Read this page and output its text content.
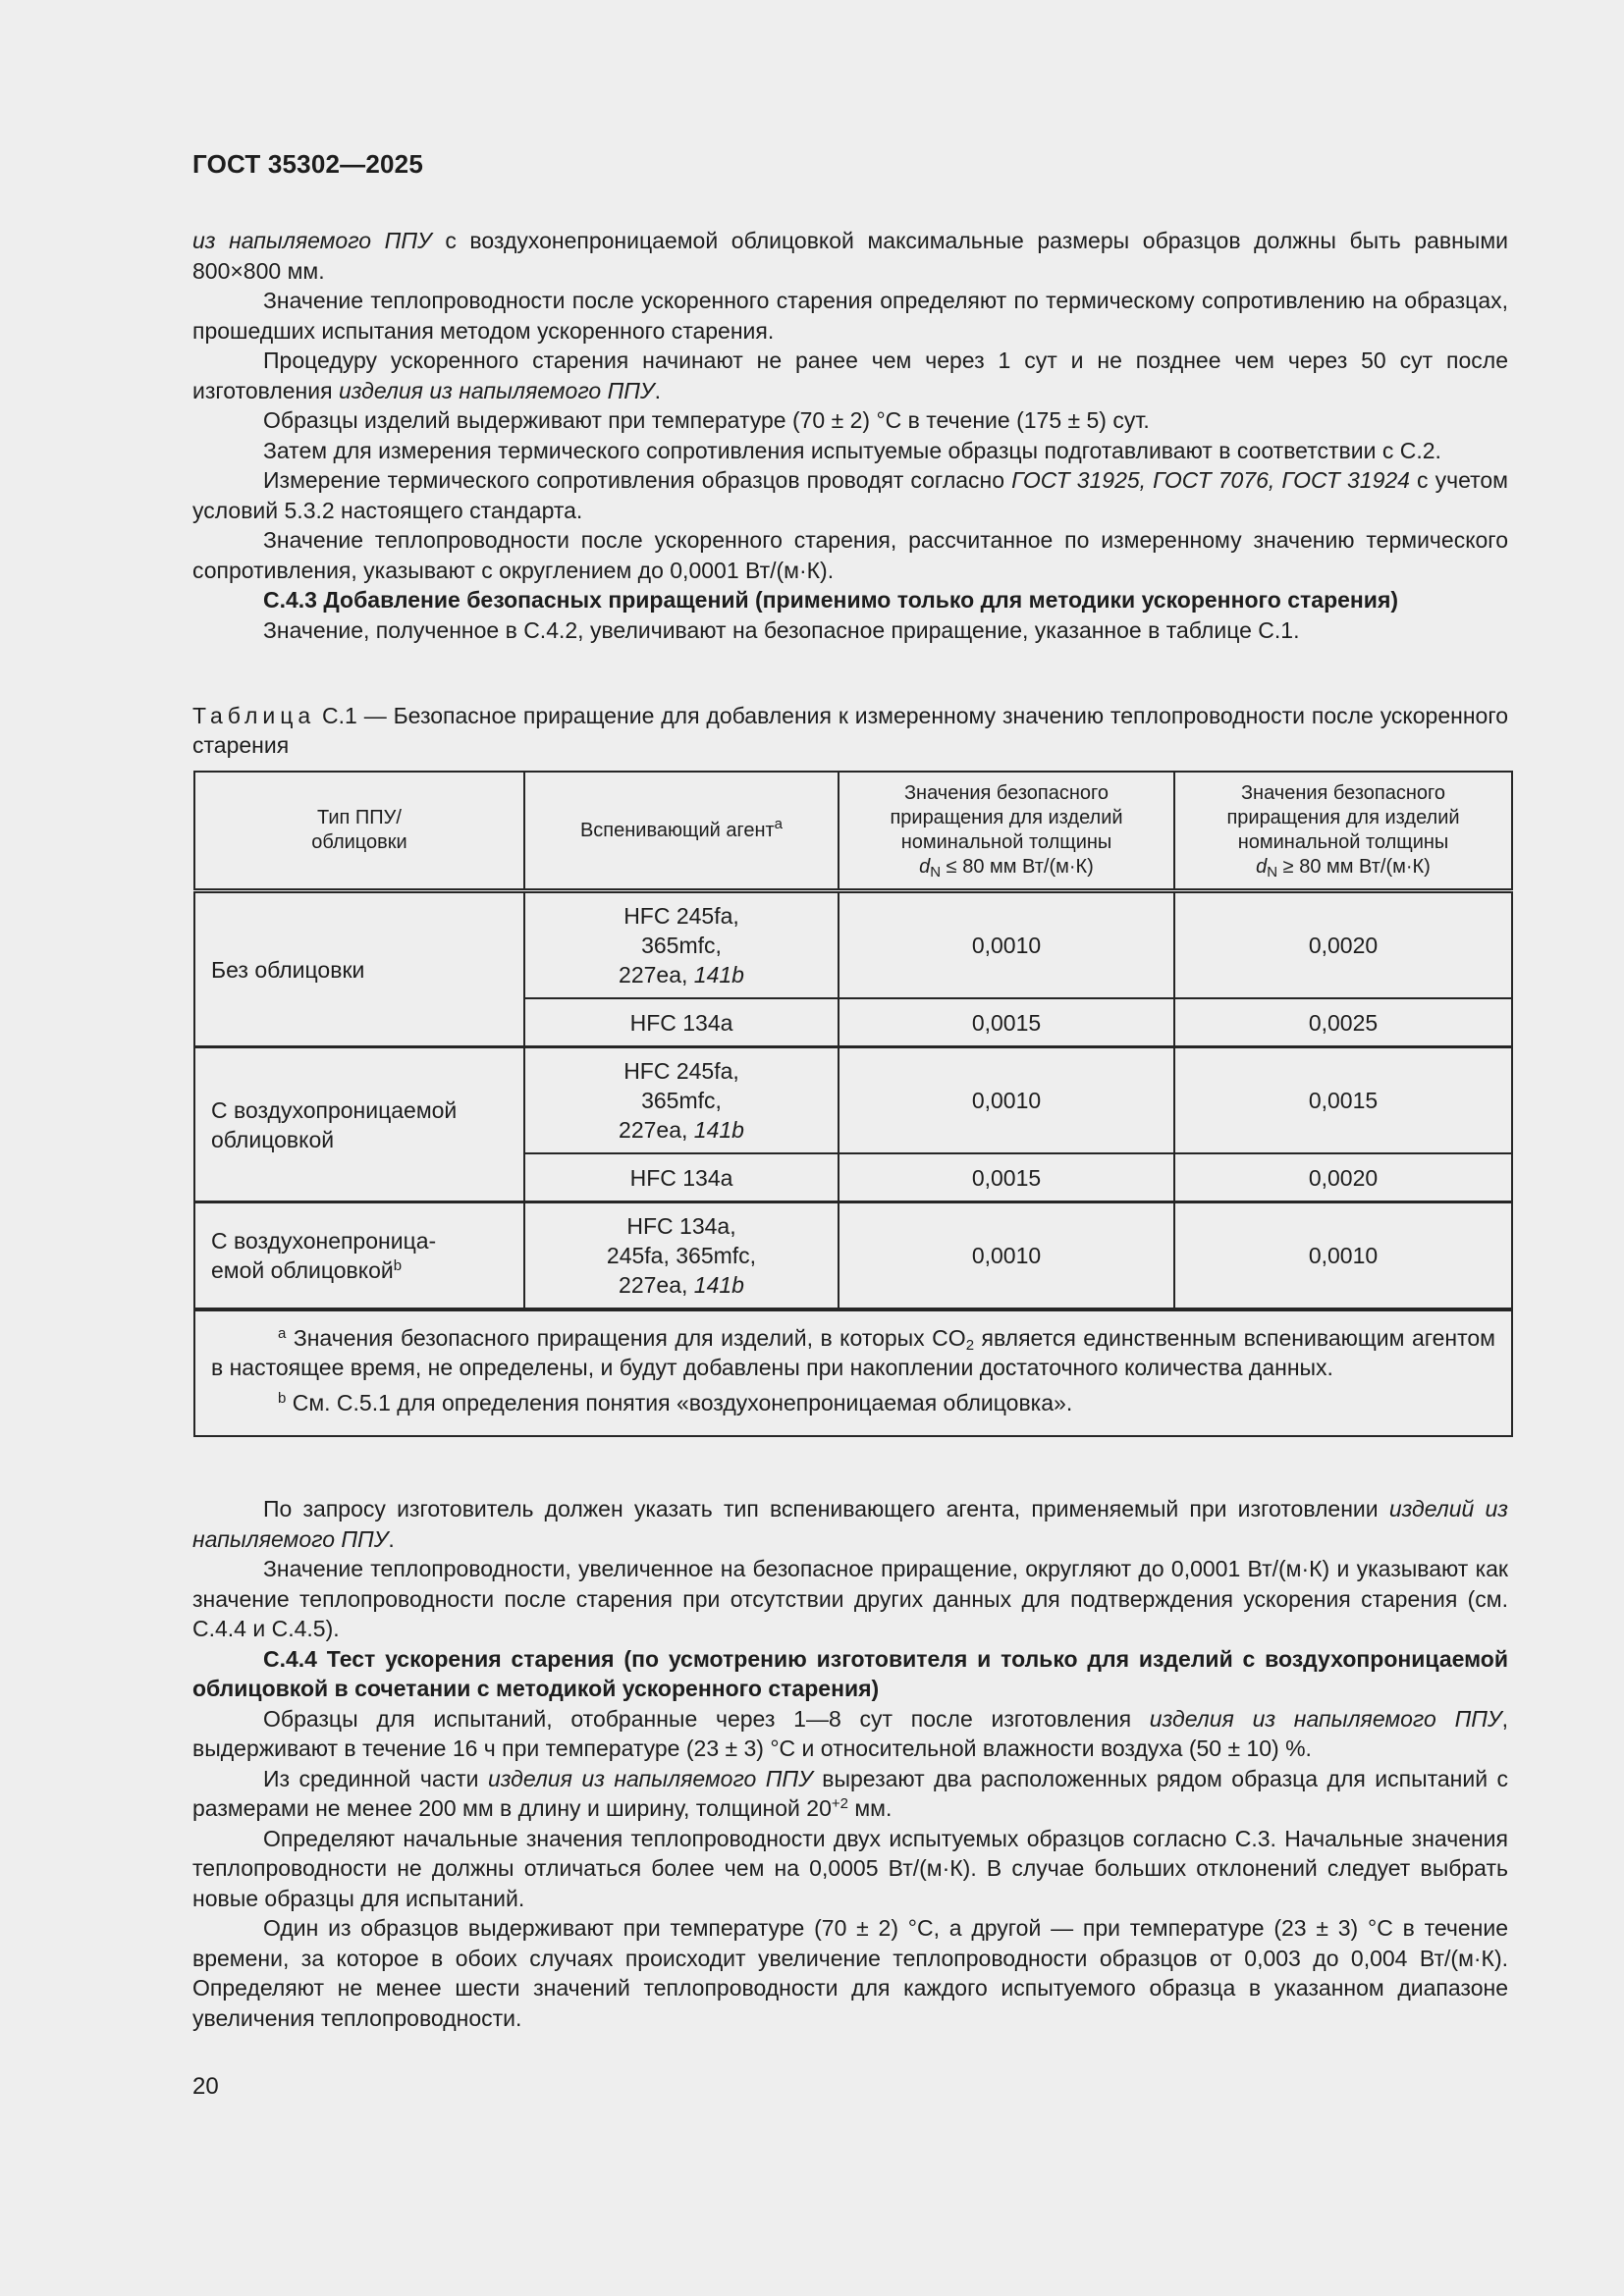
ГОСТ 35302—2025

из напыляемого ППУ с воздухонепроницаемой облицовкой максимальные размеры образцов должны быть равными 800×800 мм.

Значение теплопроводности после ускоренного старения определяют по термическому сопротивлению на образцах, прошедших испытания методом ускоренного старения.

Процедуру ускоренного старения начинают не ранее чем через 1 сут и не позднее чем через 50 сут после изготовления изделия из напыляемого ППУ.

Образцы изделий выдерживают при температуре (70 ± 2) °С в течение (175 ± 5) сут.

Затем для измерения термического сопротивления испытуемые образцы подготавливают в соответствии с С.2.

Измерение термического сопротивления образцов проводят согласно ГОСТ 31925, ГОСТ 7076, ГОСТ 31924 с учетом условий 5.3.2 настоящего стандарта.

Значение теплопроводности после ускоренного старения, рассчитанное по измеренному значению термического сопротивления, указывают с округлением до 0,0001 Вт/(м·К).

С.4.3 Добавление безопасных приращений (применимо только для методики ускоренного старения)

Значение, полученное в С.4.2, увеличивают на безопасное приращение, указанное в таблице С.1.

Таблица С.1 — Безопасное приращение для добавления к измеренному значению теплопроводности после ускоренного старения
Тип ППУ/
облицовки	Вспенивающий агент$^a$	Значения безопасного
приращения для изделий
номинальной толщины
$d_N \le 80$ мм Вт/(м·К)	Значения безопасного
приращения для изделий
номинальной толщины
$d_N \ge 80$ мм Вт/(м·К)
Без облицовки	HFC 245fa,
365mfc,
227ea, 141b	0,0010	0,0020
	HFC 134a	0,0015	0,0025
С воздухопроницаемой
облицовкой	HFC 245fa,
365mfc,
227ea, 141b	0,0010	0,0015
	HFC 134a	0,0015	0,0020
С воздухонепроница-
емой облицовкой$^b$	HFC 134a,
245fa, 365mfc,
227ea, 141b	0,0010	0,0010

$^a$ Значения безопасного приращения для изделий, в которых $CO_2$ является единственным вспенивающим агентом в настоящее время, не определены, и будут добавлены при накоплении достаточного количества данных.

$^b$ См. С.5.1 для определения понятия «воздухонепроницаемая облицовка».			

По запросу изготовитель должен указать тип вспенивающего агента, применяемый при изготовлении изделий из напыляемого ППУ.

Значение теплопроводности, увеличенное на безопасное приращение, округляют до 0,0001 Вт/(м·К) и указывают как значение теплопроводности после старения при отсутствии других данных для подтверждения ускорения старения (см. С.4.4 и С.4.5).

С.4.4 Тест ускорения старения (по усмотрению изготовителя и только для изделий с воздухопроницаемой облицовкой в сочетании с методикой ускоренного старения)

Образцы для испытаний, отобранные через 1—8 сут после изготовления изделия из напыляемого ППУ, выдерживают в течение 16 ч при температуре (23 ± 3) °С и относительной влажности воздуха (50 ± 10) %.

Из срединной части изделия из напыляемого ППУ вырезают два расположенных рядом образца для испытаний с размерами не менее 200 мм в длину и ширину, толщиной $20^{+2}$ мм.

Определяют начальные значения теплопроводности двух испытуемых образцов согласно С.3. Начальные значения теплопроводности не должны отличаться более чем на 0,0005 Вт/(м·К). В случае больших отклонений следует выбрать новые образцы для испытаний.

Один из образцов выдерживают при температуре (70 ± 2) °С, а другой — при температуре (23 ± 3) °С в течение времени, за которое в обоих случаях происходит увеличение теплопроводности образцов от 0,003 до 0,004 Вт/(м·К). Определяют не менее шести значений теплопроводности для каждого испытуемого образца в указанном диапазоне увеличения теплопроводности.

20
